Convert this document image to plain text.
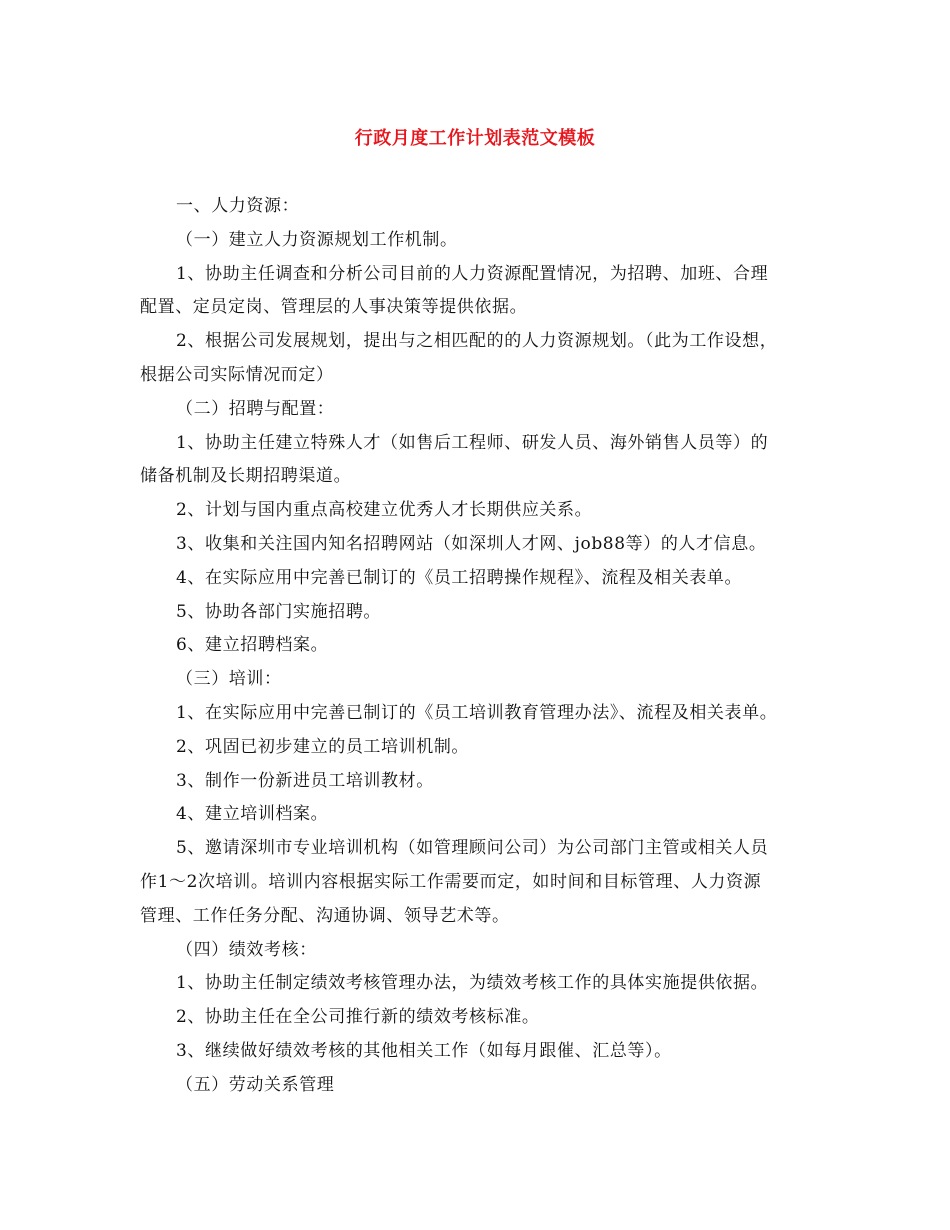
行政月度工作计划表范文模板
一、人力资源：
（一）建立人力资源规划工作机制。
1、协助主任调查和分析公司目前的人力资源配置情况，为招聘、加班、合理
配置、定员定岗、管理层的人事决策等提供依据。
2、根据公司发展规划，提出与之相匹配的的人力资源规划。（此为工作设想，
根据公司实际情况而定）
（二）招聘与配置：
1、协助主任建立特殊人才（如售后工程师、研发人员、海外销售人员等）的
储备机制及长期招聘渠道。
2、计划与国内重点高校建立优秀人才长期供应关系。
3、收集和关注国内知名招聘网站（如深圳人才网、job88等）的人才信息。
4、在实际应用中完善已制订的《员工招聘操作规程》、流程及相关表单。
5、协助各部门实施招聘。
6、建立招聘档案。
（三）培训：
1、在实际应用中完善已制订的《员工培训教育管理办法》、流程及相关表单。
2、巩固已初步建立的员工培训机制。
3、制作一份新进员工培训教材。
4、建立培训档案。
5、邀请深圳市专业培训机构（如管理顾问公司）为公司部门主管或相关人员
作1～2次培训。培训内容根据实际工作需要而定，如时间和目标管理、人力资源
管理、工作任务分配、沟通协调、领导艺术等。
（四）绩效考核：
1、协助主任制定绩效考核管理办法，为绩效考核工作的具体实施提供依据。
2、协助主任在全公司推行新的绩效考核标准。
3、继续做好绩效考核的其他相关工作（如每月跟催、汇总等）。
（五）劳动关系管理
